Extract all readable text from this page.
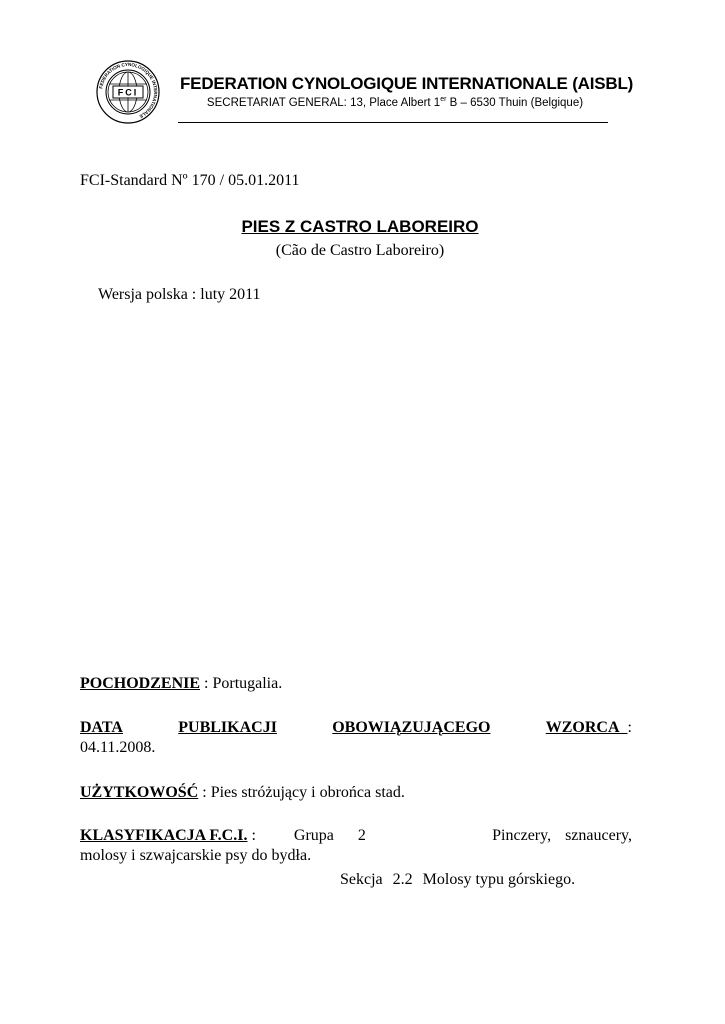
FCI
FEDERATION CYNOLOGIQUE INTERNATIONALE
FEDERATION CYNOLOGIQUE INTERNATIONALE (AISBL)
SECRETARIAT GENERAL: 13, Place Albert 1er B – 6530 Thuin (Belgique)
FCI-Standard Nº 170 / 05.01.2011
PIES Z CASTRO LABOREIRO
(Cão de Castro Laboreiro)
Wersja polska : luty 2011
POCHODZENIE : Portugalia.
DATA	PUBLIKACJI	OBOWIĄZUJĄCEGO	WZORCA :
04.11.2008.
UŻYTKOWOŚĆ : Pies stróżujący i obrońca stad.
KLASYFIKACJA F.C.I. : Grupa 2	Pinczery, sznaucery,
molosy i szwajcarskie psy do bydła.
Sekcja 2.2 Molosy typu górskiego.
